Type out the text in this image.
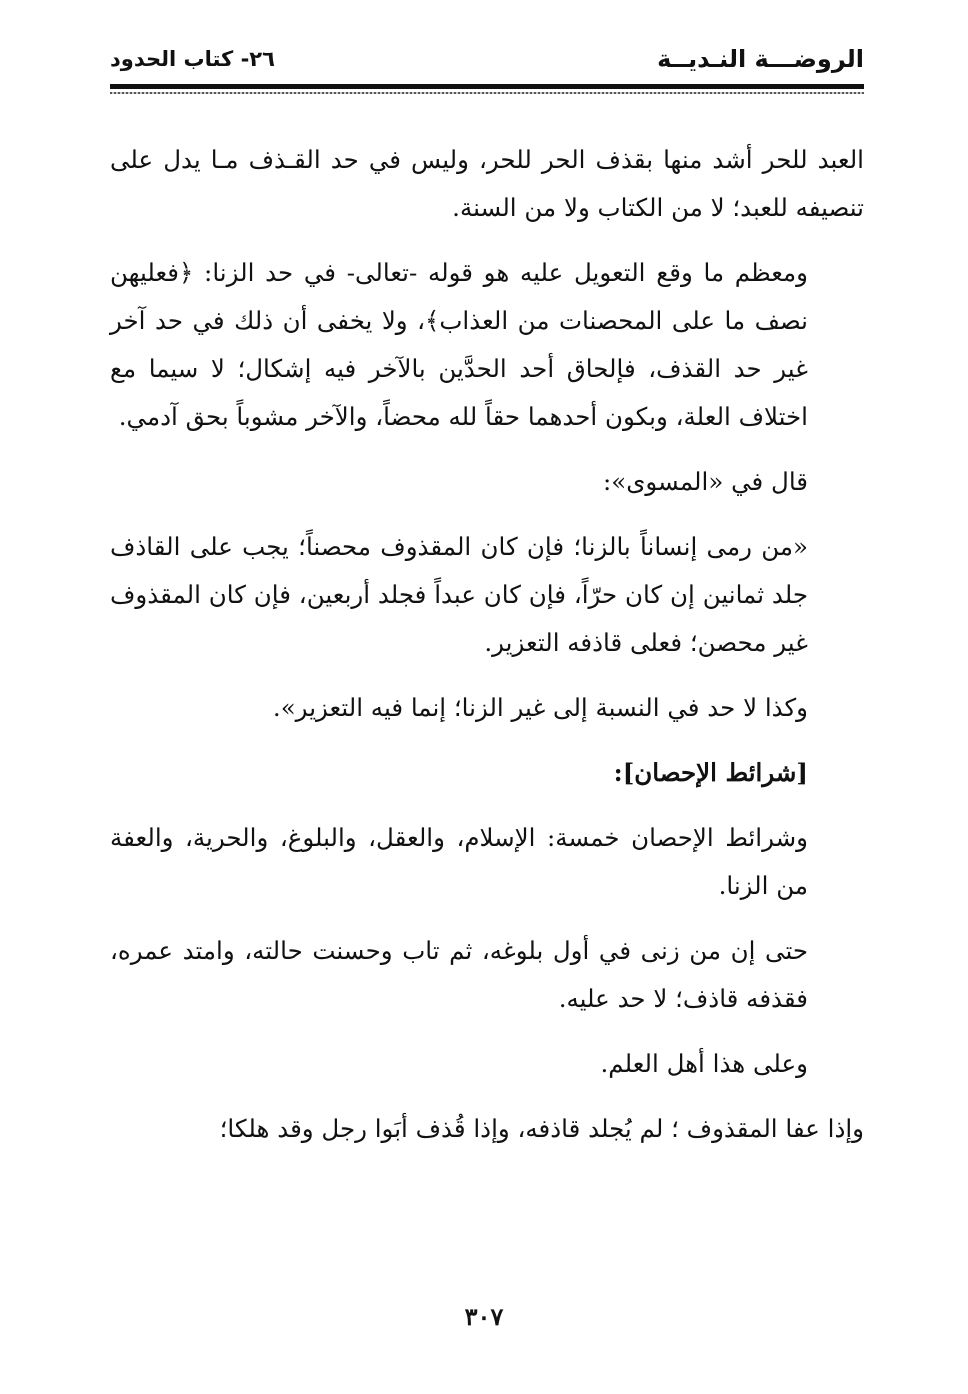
الروضـــة النـديــة
٢٦- كتاب الحدود

العبد للحر أشد منها بقذف الحر للحر، وليس في حد القـذف مـا يدل على تنصيفه للعبد؛ لا من الكتاب ولا من السنة.

ومعظم ما وقع التعويل عليه هو قوله -تعالى- في حد الزنا: ﴿فعليهن نصف ما على المحصنات من العذاب﴾، ولا يخفى أن ذلك في حد آخر غير حد القذف، فإلحاق أحد الحدَّين بالآخر فيه إشكال؛ لا سيما مع اختلاف العلة، وبكون أحدهما حقاً لله محضاً، والآخر مشوباً بحق آدمي.

قال في «المسوى»:

«من رمى إنساناً بالزنا؛ فإن كان المقذوف محصناً؛ يجب على القاذف جلد ثمانين إن كان حرّاً، فإن كان عبداً فجلد أربعين، فإن كان المقذوف غير محصن؛ فعلى قاذفه التعزير.

وكذا لا حد في النسبة إلى غير الزنا؛ إنما فيه التعزير».

[شرائط الإحصان]:

وشرائط الإحصان خمسة: الإسلام، والعقل، والبلوغ، والحرية، والعفة من الزنا.

حتى إن من زنى في أول بلوغه، ثم تاب وحسنت حالته، وامتد عمره، فقذفه قاذف؛ لا حد عليه.

وعلى هذا أهل العلم.

وإذا عفا المقذوف ؛ لم يُجلد قاذفه، وإذا قُذف أبَوا رجل وقد هلكا؛

٣٠٧
